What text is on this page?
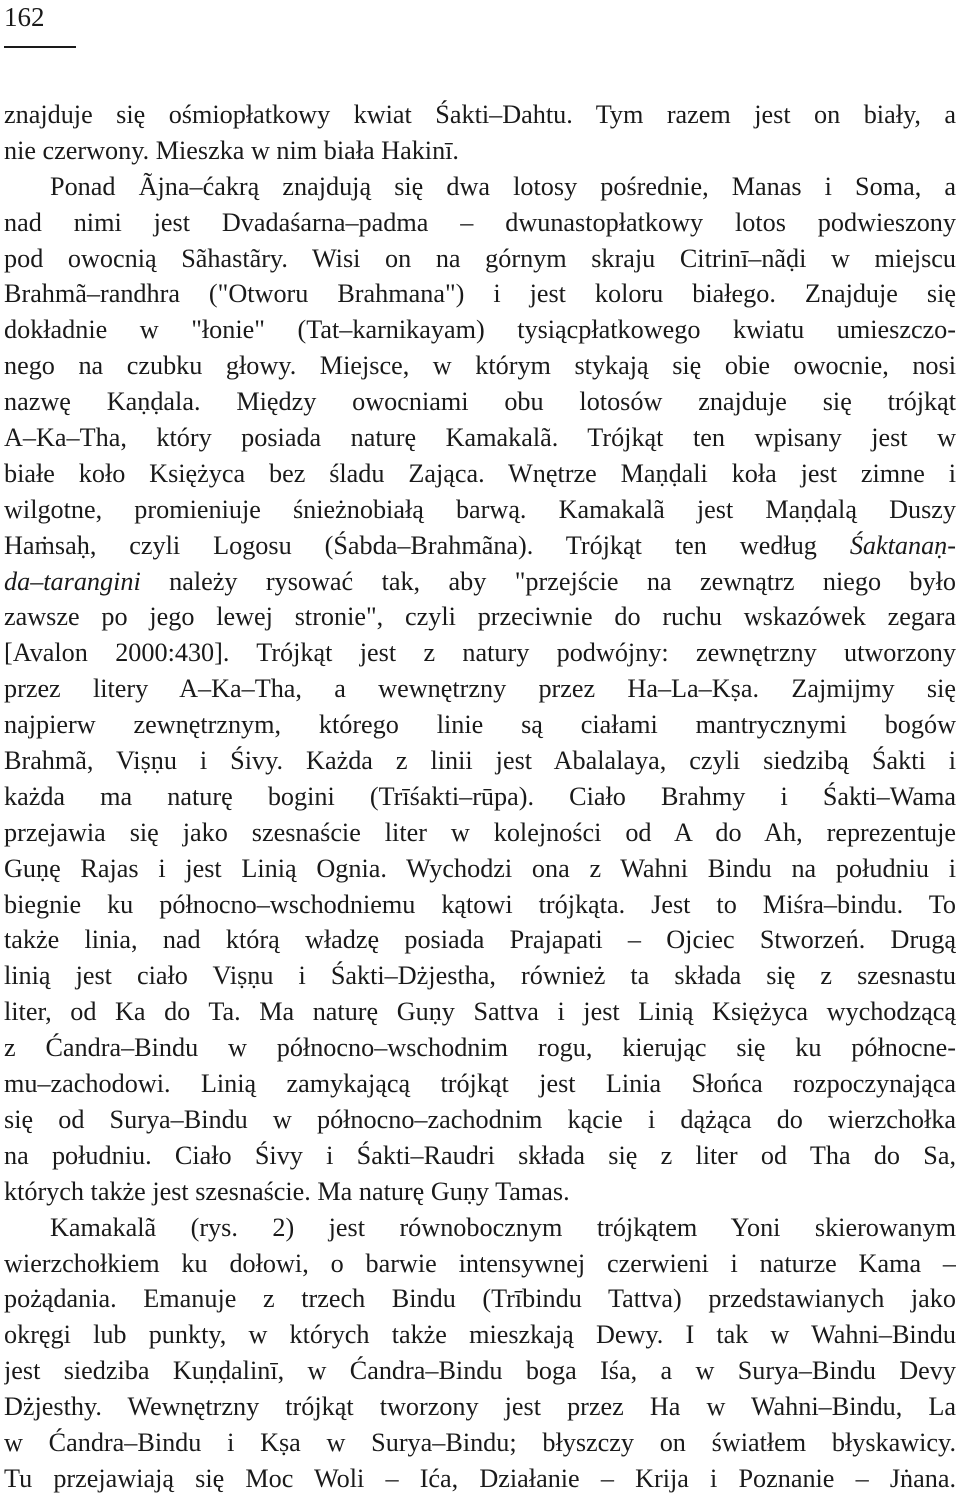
162
znajduje się ośmiopłatkowy kwiat Śakti–Dahtu. Tym razem jest on biały, a
nie czerwony. Mieszka w nim biała Hakinī.
Ponad Ãjna–ćakrą znajdują się dwa lotosy pośrednie, Manas i Soma, a
nad nimi jest Dvadaśarna–padma – dwunastopłatkowy lotos podwieszony
pod owocnią Sãhastãry. Wisi on na górnym skraju Citrinī–nãḍi w miejscu
Brahmã–randhra ("Otworu Brahmana") i jest koloru białego. Znajduje się
dokładnie w "łonie" (Tat–karnikayam) tysiącpłatkowego kwiatu umieszczo-
nego na czubku głowy. Miejsce, w którym stykają się obie owocnie, nosi
nazwę Kaṇḍala. Między owocniami obu lotosów znajduje się trójkąt
A–Ka–Tha, który posiada naturę Kamakalã. Trójkąt ten wpisany jest w
białe koło Księżyca bez śladu Zająca. Wnętrze Maṇḍali koła jest zimne i
wilgotne, promieniuje śnieżnobiałą barwą. Kamakalã jest Maṇḍalą Duszy
Haṁsaḥ, czyli Logosu (Śabda–Brahmãna). Trójkąt ten według Śaktanaṇ-
da–tarangini należy rysować tak, aby "przejście na zewnątrz niego było
zawsze po jego lewej stronie", czyli przeciwnie do ruchu wskazówek zegara
[Avalon 2000:430]. Trójkąt jest z natury podwójny: zewnętrzny utworzony
przez litery A–Ka–Tha, a wewnętrzny przez Ha–La–Kṣa. Zajmijmy się
najpierw zewnętrznym, którego linie są ciałami mantrycznymi bogów
Brahmã, Viṣṇu i Śivy. Każda z linii jest Abalalaya, czyli siedzibą Śakti i
każda ma naturę bogini (Trīśakti–rūpa). Ciało Brahmy i Śakti–Wama
przejawia się jako szesnaście liter w kolejności od A do Ah, reprezentuje
Guṇę Rajas i jest Linią Ognia. Wychodzi ona z Wahni Bindu na południu i
biegnie ku północno–wschodniemu kątowi trójkąta. Jest to Miśra–bindu. To
także linia, nad którą władzę posiada Prajapati – Ojciec Stworzeń. Drugą
linią jest ciało Viṣṇu i Śakti–Dżjestha, również ta składa się z szesnastu
liter, od Ka do Ta. Ma naturę Guṇy Sattva i jest Linią Księżyca wychodzącą
z Ćandra–Bindu w północno–wschodnim rogu, kierując się ku północne-
mu–zachodowi. Linią zamykającą trójkąt jest Linia Słońca rozpoczynająca
się od Surya–Bindu w północno–zachodnim kącie i dążąca do wierzchołka
na południu. Ciało Śivy i Śakti–Raudri składa się z liter od Tha do Sa,
których także jest szesnaście. Ma naturę Guṇy Tamas.
Kamakalã (rys. 2) jest równobocznym trójkątem Yoni skierowanym
wierzchołkiem ku dołowi, o barwie intensywnej czerwieni i naturze Kama –
pożądania. Emanuje z trzech Bindu (Trībindu Tattva) przedstawianych jako
okręgi lub punkty, w których także mieszkają Dewy. I tak w Wahni–Bindu
jest siedziba Kuṇḍalinī, w Ćandra–Bindu boga Iśa, a w Surya–Bindu Devy
Dżjesthy. Wewnętrzny trójkąt tworzony jest przez Ha w Wahni–Bindu, La
w Ćandra–Bindu i Kṣa w Surya–Bindu; błyszczy on światłem błyskawicy.
Tu przejawiają się Moc Woli – Ića, Działanie – Krija i Poznanie – Jṅana.
